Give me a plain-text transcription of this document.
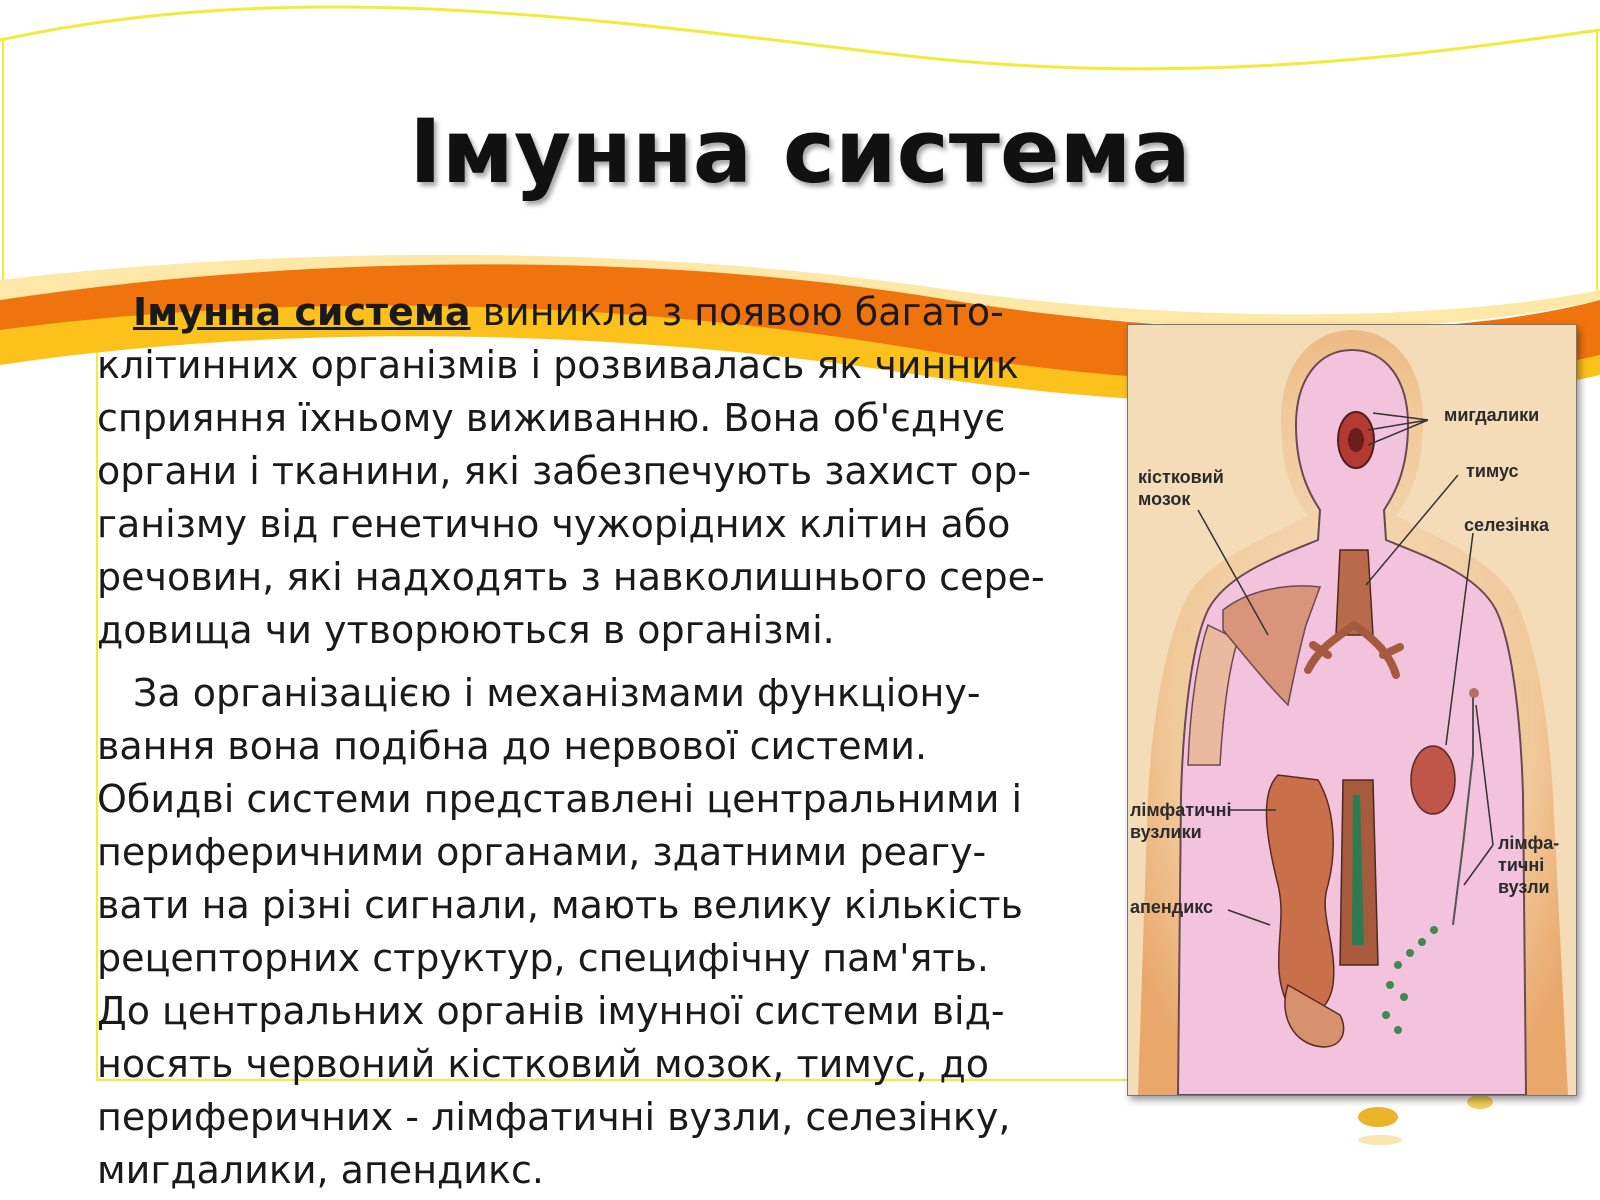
Імунна система
Імунна система виникла з появою багато-
клітинних організмів і розвивалась як чинник
сприяння їхньому виживанню. Вона об'єднує
органи і тканини, які забезпечують захист ор-
ганізму від генетично чужорідних клітин або
речовин, які надходять з навколишнього сере-
довища чи утворюються в організмі.
За організацією і механізмами функціону-
вання вона подібна до нервової системи.
Обидві системи представлені центральними і
периферичними органами, здатними реагу-
вати на різні сигнали, мають велику кількість
рецепторних структур, специфічну пам'ять.
До центральних органів імунної системи від-
носять червоний кістковий мозок, тимус, до
периферичних - лімфатичні вузли, селезінку,
мигдалики, апендикс.
мигдалики
тимус
селезінка
кістковий
мозок
лімфатичні
вузлики
апендикс
лімфа-
тичні
вузли
